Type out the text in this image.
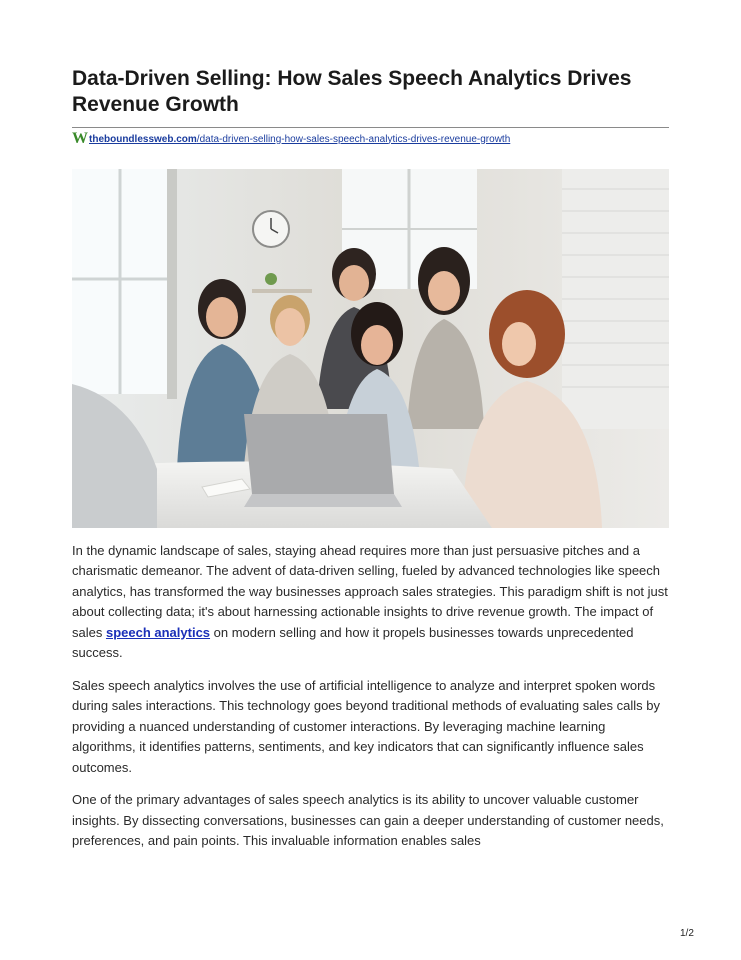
Data-Driven Selling: How Sales Speech Analytics Drives Revenue Growth
W theboundlessweb.com/data-driven-selling-how-sales-speech-analytics-drives-revenue-growth

In the dynamic landscape of sales, staying ahead requires more than just persuasive pitches and a charismatic demeanor. The advent of data-driven selling, fueled by advanced technologies like speech analytics, has transformed the way businesses approach sales strategies. This paradigm shift is not just about collecting data; it's about harnessing actionable insights to drive revenue growth. The impact of sales speech analytics on modern selling and how it propels businesses towards unprecedented success.

Sales speech analytics involves the use of artificial intelligence to analyze and interpret spoken words during sales interactions. This technology goes beyond traditional methods of evaluating sales calls by providing a nuanced understanding of customer interactions. By leveraging machine learning algorithms, it identifies patterns, sentiments, and key indicators that can significantly influence sales outcomes.

One of the primary advantages of sales speech analytics is its ability to uncover valuable customer insights. By dissecting conversations, businesses can gain a deeper understanding of customer needs, preferences, and pain points. This invaluable information enables sales

1/2
